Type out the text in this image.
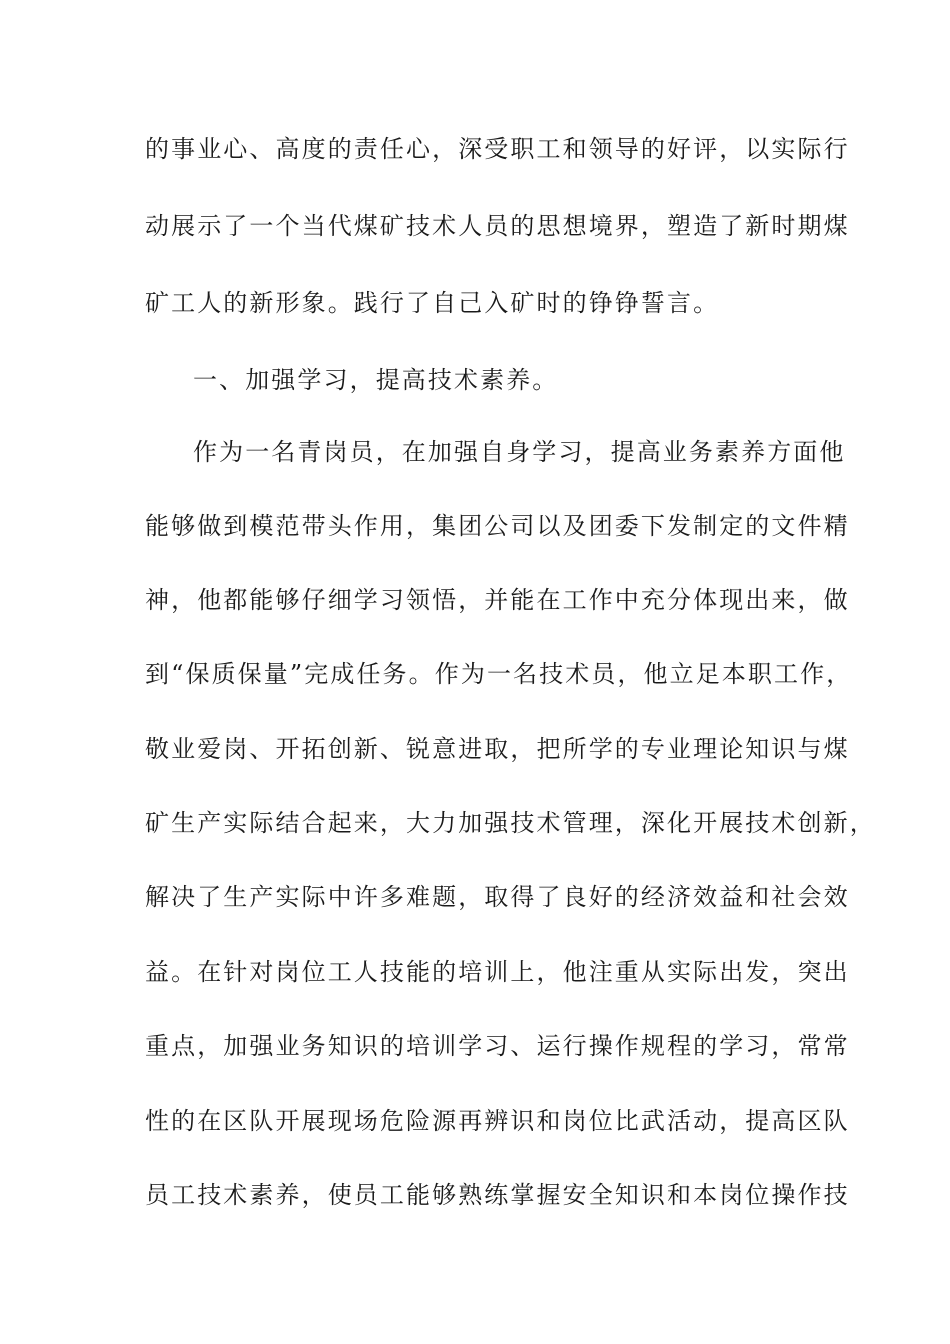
的事业心、高度的责任心，深受职工和领导的好评，以实际行
动展示了一个当代煤矿技术人员的思想境界，塑造了新时期煤
矿工人的新形象。践行了自己入矿时的铮铮誓言。
一、加强学习，提高技术素养。
作为一名青岗员，在加强自身学习，提高业务素养方面他
能够做到模范带头作用，集团公司以及团委下发制定的文件精
神，他都能够仔细学习领悟，并能在工作中充分体现出来，做
到“保质保量”完成任务。作为一名技术员，他立足本职工作，
敬业爱岗、开拓创新、锐意进取，把所学的专业理论知识与煤
矿生产实际结合起来，大力加强技术管理，深化开展技术创新，
解决了生产实际中许多难题，取得了良好的经济效益和社会效
益。在针对岗位工人技能的培训上，他注重从实际出发，突出
重点，加强业务知识的培训学习、运行操作规程的学习，常常
性的在区队开展现场危险源再辨识和岗位比武活动，提高区队
员工技术素养，使员工能够熟练掌握安全知识和本岗位操作技
